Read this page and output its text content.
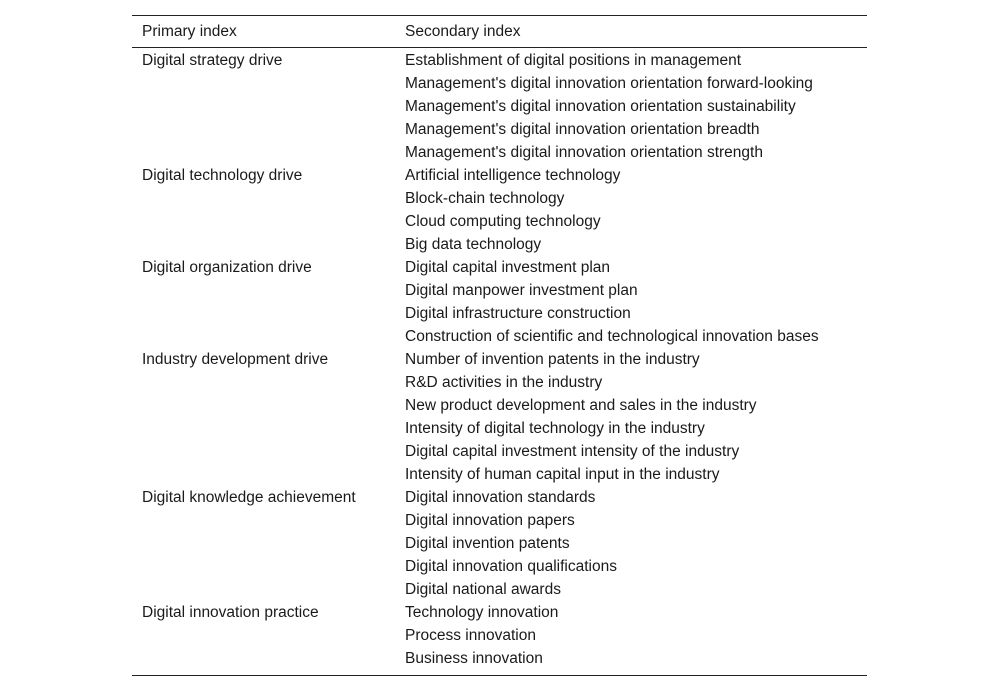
Primary index	Secondary index
Digital strategy drive	Establishment of digital positions in management
	Management's digital innovation orientation forward-looking
	Management's digital innovation orientation sustainability
	Management's digital innovation orientation breadth
	Management's digital innovation orientation strength
Digital technology drive	Artificial intelligence technology
	Block-chain technology
	Cloud computing technology
	Big data technology
Digital organization drive	Digital capital investment plan
	Digital manpower investment plan
	Digital infrastructure construction
	Construction of scientific and technological innovation bases
Industry development drive	Number of invention patents in the industry
	R&D activities in the industry
	New product development and sales in the industry
	Intensity of digital technology in the industry
	Digital capital investment intensity of the industry
	Intensity of human capital input in the industry
Digital knowledge achievement	Digital innovation standards
	Digital innovation papers
	Digital invention patents
	Digital innovation qualifications
	Digital national awards
Digital innovation practice	Technology innovation
	Process innovation
	Business innovation
